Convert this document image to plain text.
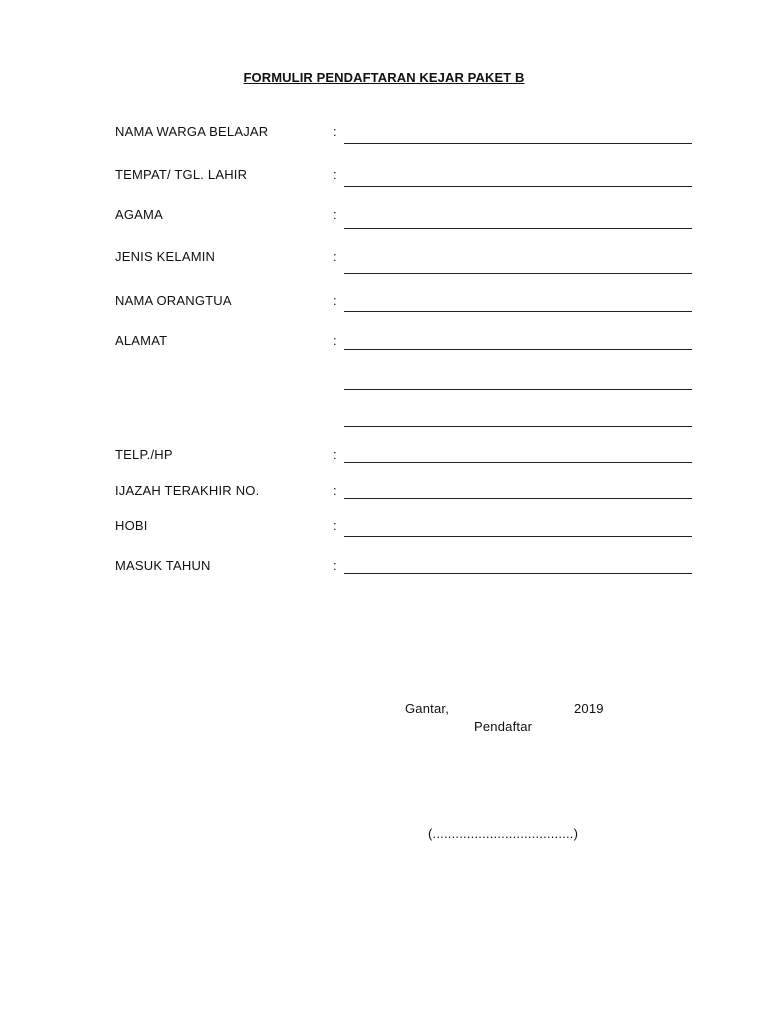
FORMULIR PENDAFTARAN KEJAR PAKET B
NAMA WARGA BELAJAR	:
TEMPAT/ TGL. LAHIR	:
AGAMA	:
JENIS KELAMIN	:
NAMA ORANGTUA	:
ALAMAT	:
TELP./HP	:
IJAZAH TERAKHIR NO.	:
HOBI	:
MASUK TAHUN	:
Gantar,	2019
Pendaftar
(.....................................)
